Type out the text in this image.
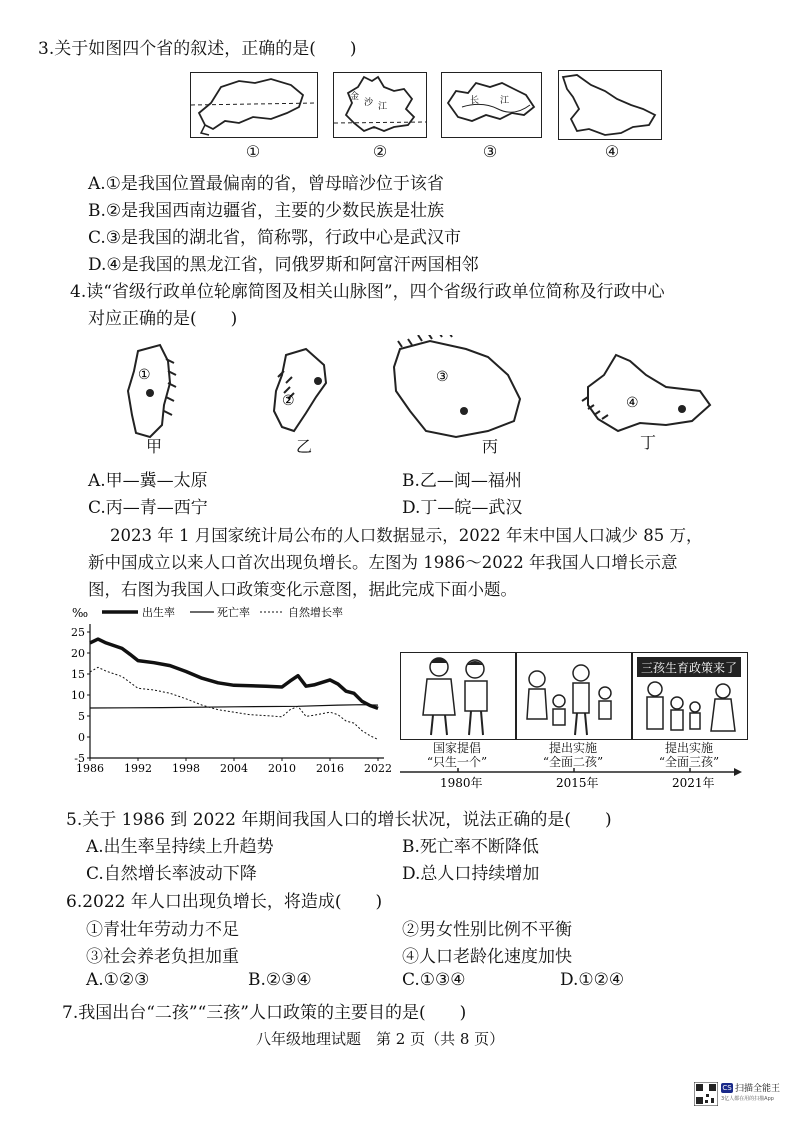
3.关于如图四个省的叙述，正确的是(　　)
①
金
沙 江
②
长 江
③	④
A.①是我国位置最偏南的省，曾母暗沙位于该省
B.②是我国西南边疆省，主要的少数民族是壮族
C.③是我国的湖北省，简称鄂，行政中心是武汉市
D.④是我国的黑龙江省，同俄罗斯和阿富汗两国相邻
4.读“省级行政单位轮廓简图及相关山脉图”，四个省级行政单位简称及行政中心
对应正确的是(　　)
①
②
③
④
甲	乙	丙	丁
A.甲—冀—太原	B.乙—闽—福州
C.丙—青—西宁	D.丁—皖—武汉
2023 年 1 月国家统计局公布的人口数据显示，2022 年末中国人口减少 85 万，
新中国成立以来人口首次出现负增长。左图为 1986～2022 年我国人口增长示意
图，右图为我国人口政策变化示意图，据此完成下面小题。
‰	出生率	死亡率	自然增长率
25
20
15
10
5
0
-5
1986 1992 1998 2004 2010 2016 2022
三孩生育政策来了
国家提倡
“只生一个”
提出实施
“全面二孩”
提出实施
“全面三孩”
1980年	2015年	2021年
5.关于 1986 到 2022 年期间我国人口的增长状况，说法正确的是(　　)
A.出生率呈持续上升趋势	B.死亡率不断降低
C.自然增长率波动下降	D.总人口持续增加
6.2022 年人口出现负增长，将造成(　　)
①青壮年劳动力不足	②男女性别比例不平衡
③社会养老负担加重	④人口老龄化速度加快
A.①②③	B.②③④	C.①③④	D.①②④
7.我国出台“二孩”“三孩”人口政策的主要目的是(　　)
八年级地理试题　第 2 页（共 8 页）
CS 扫描全能王
3亿人都在用的扫描App
